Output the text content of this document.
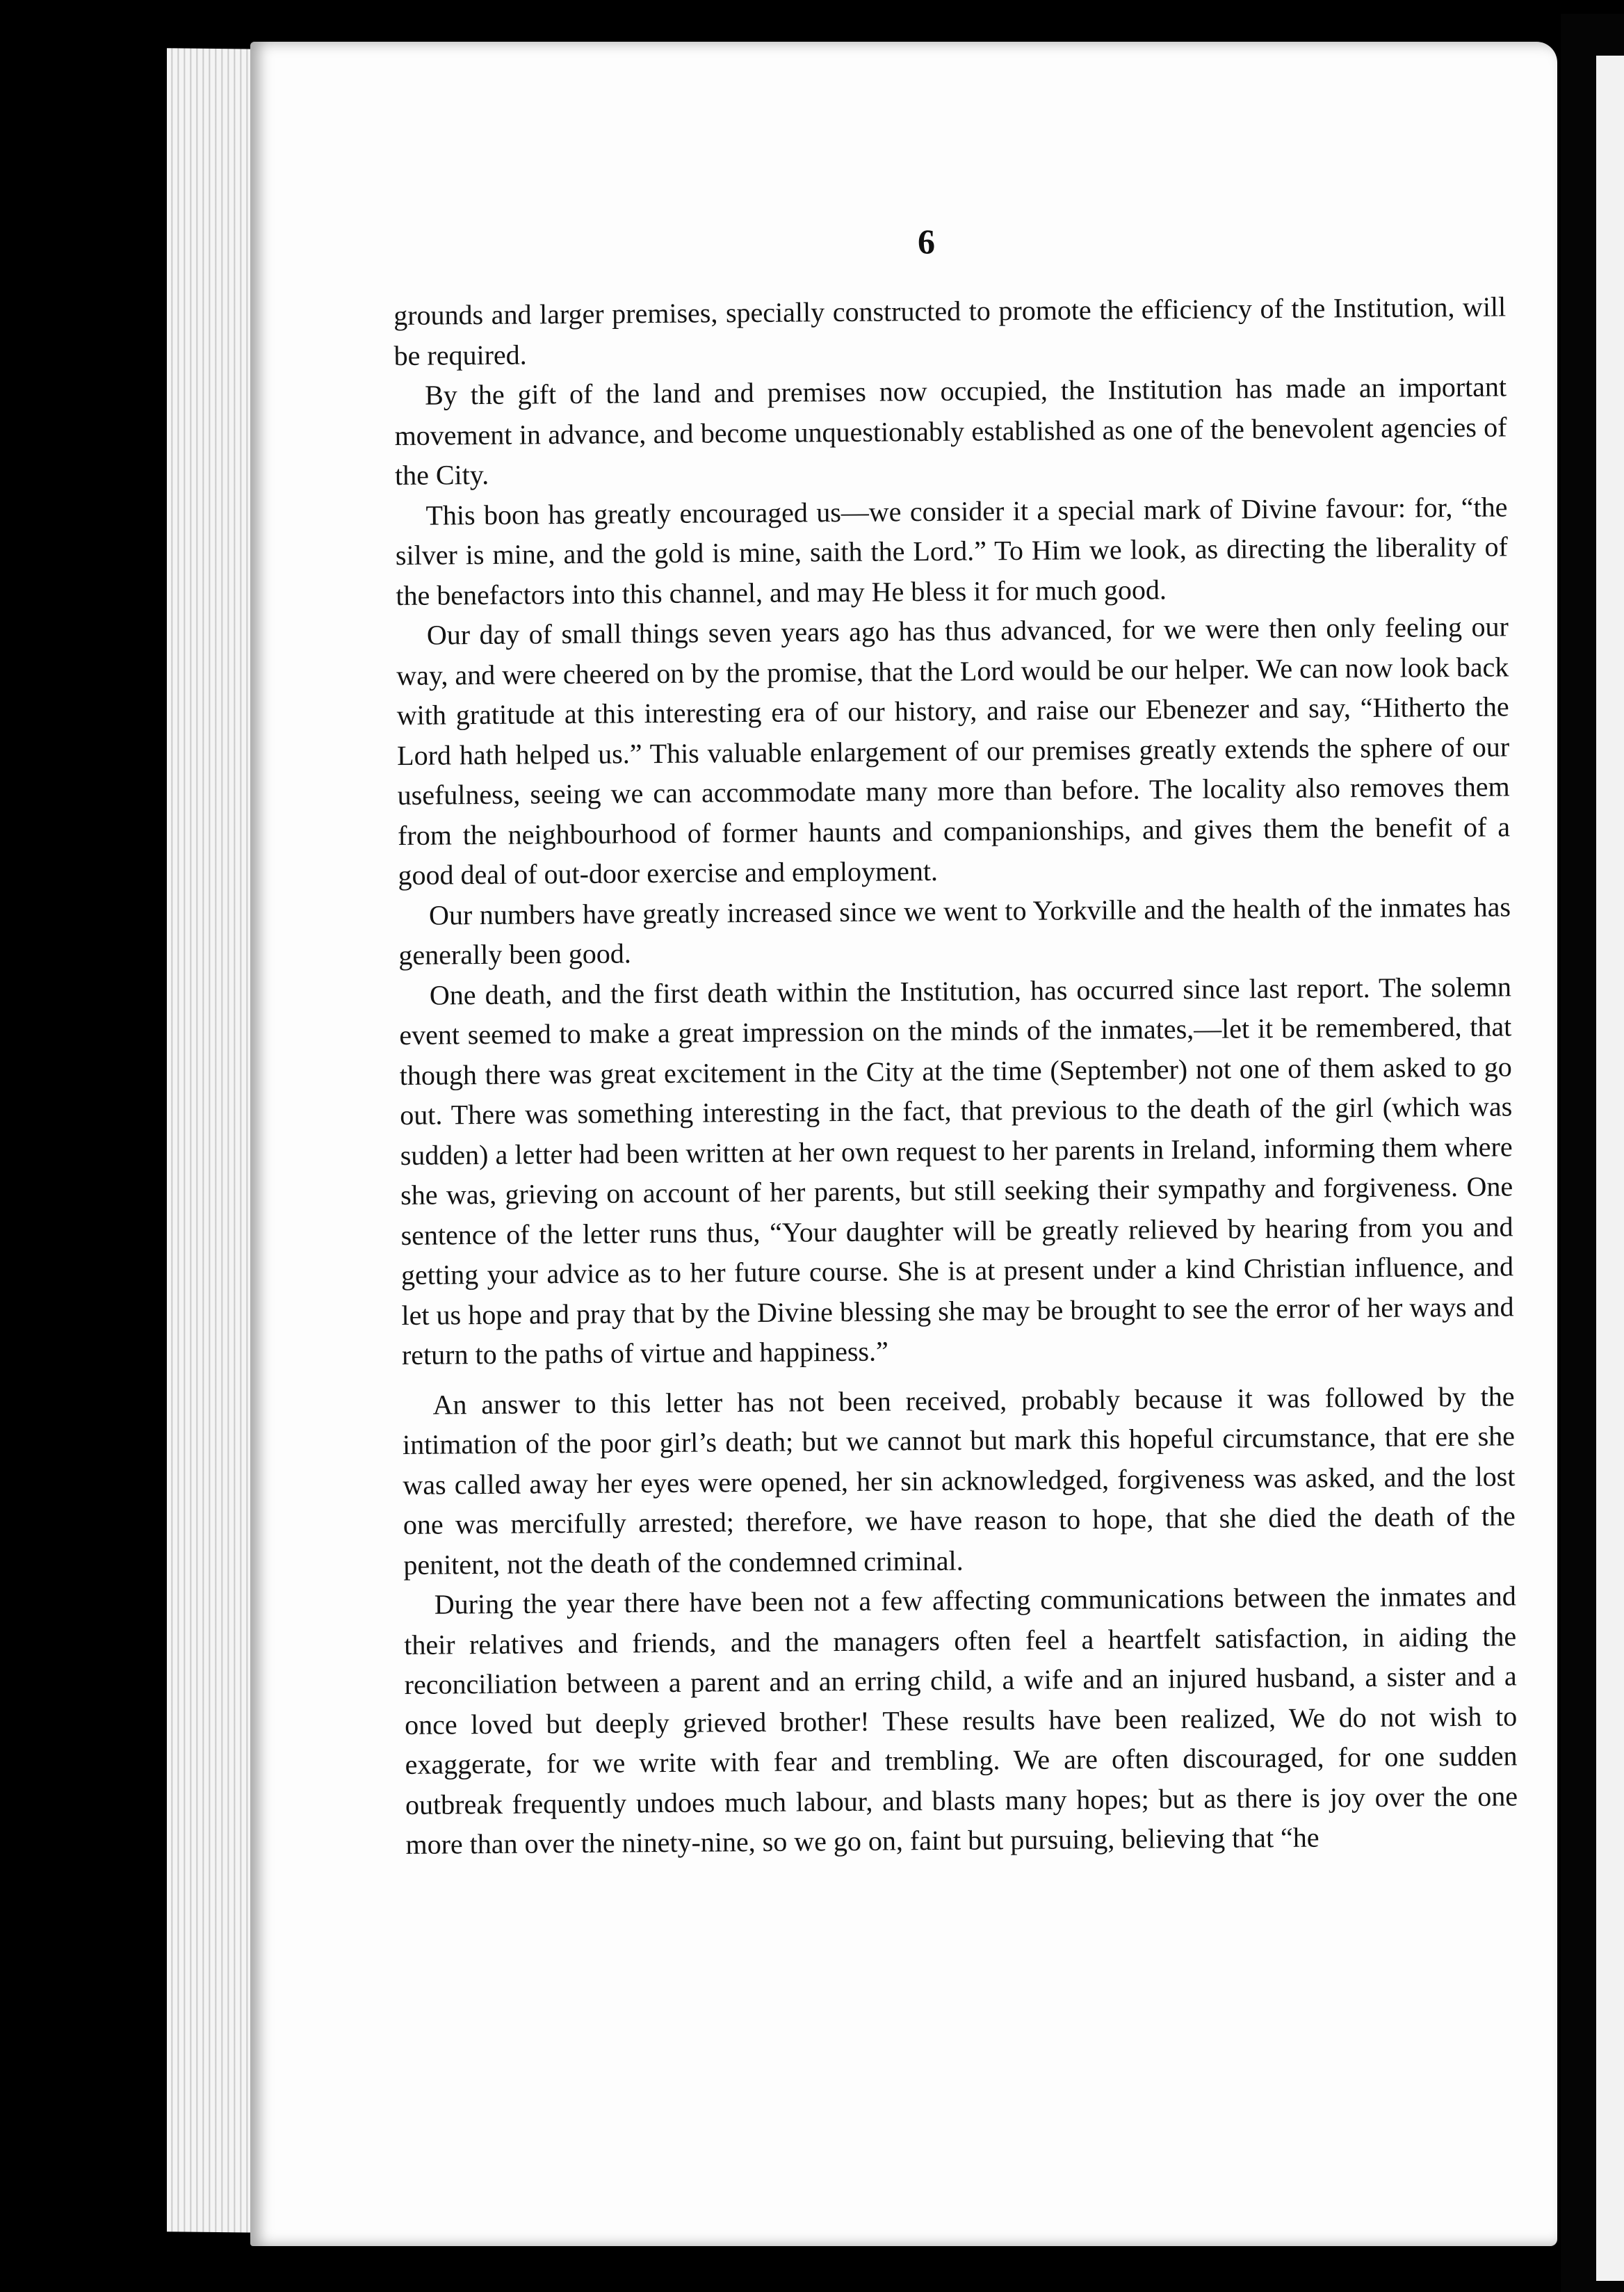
6

grounds and larger premises, specially constructed to promote the efficiency of the Institution, will be required.

By the gift of the land and premises now occupied, the Institution has made an important movement in advance, and become unquestionably established as one of the benevolent agencies of the City.

This boon has greatly encouraged us—we consider it a special mark of Divine favour: for, “the silver is mine, and the gold is mine, saith the Lord.” To Him we look, as directing the liberality of the benefactors into this channel, and may He bless it for much good.

Our day of small things seven years ago has thus advanced, for we were then only feeling our way, and were cheered on by the promise, that the Lord would be our helper. We can now look back with gratitude at this interesting era of our history, and raise our Ebenezer and say, “Hitherto the Lord hath helped us.” This valuable enlargement of our premises greatly extends the sphere of our usefulness, seeing we can accommodate many more than before. The locality also removes them from the neighbourhood of former haunts and companionships, and gives them the benefit of a good deal of out-door exercise and employment.

Our numbers have greatly increased since we went to Yorkville and the health of the inmates has generally been good.

One death, and the first death within the Institution, has occurred since last report. The solemn event seemed to make a great impression on the minds of the inmates,—let it be remembered, that though there was great excitement in the City at the time (September) not one of them asked to go out. There was something interesting in the fact, that previous to the death of the girl (which was sudden) a letter had been written at her own request to her parents in Ireland, informing them where she was, grieving on account of her parents, but still seeking their sympathy and forgiveness. One sentence of the letter runs thus, “Your daughter will be greatly relieved by hearing from you and getting your advice as to her future course. She is at present under a kind Christian influence, and let us hope and pray that by the Divine blessing she may be brought to see the error of her ways and return to the paths of virtue and happiness.”

An answer to this letter has not been received, probably because it was followed by the intimation of the poor girl’s death; but we cannot but mark this hopeful circumstance, that ere she was called away her eyes were opened, her sin acknowledged, forgiveness was asked, and the lost one was mercifully arrested; therefore, we have reason to hope, that she died the death of the penitent, not the death of the condemned criminal.

During the year there have been not a few affecting communications between the inmates and their relatives and friends, and the managers often feel a heartfelt satisfaction, in aiding the reconciliation between a parent and an erring child, a wife and an injured husband, a sister and a once loved but deeply grieved brother! These results have been realized, We do not wish to exaggerate, for we write with fear and trembling. We are often discouraged, for one sudden outbreak frequently undoes much labour, and blasts many hopes; but as there is joy over the one more than over the ninety-nine, so we go on, faint but pursuing, believing that “he
